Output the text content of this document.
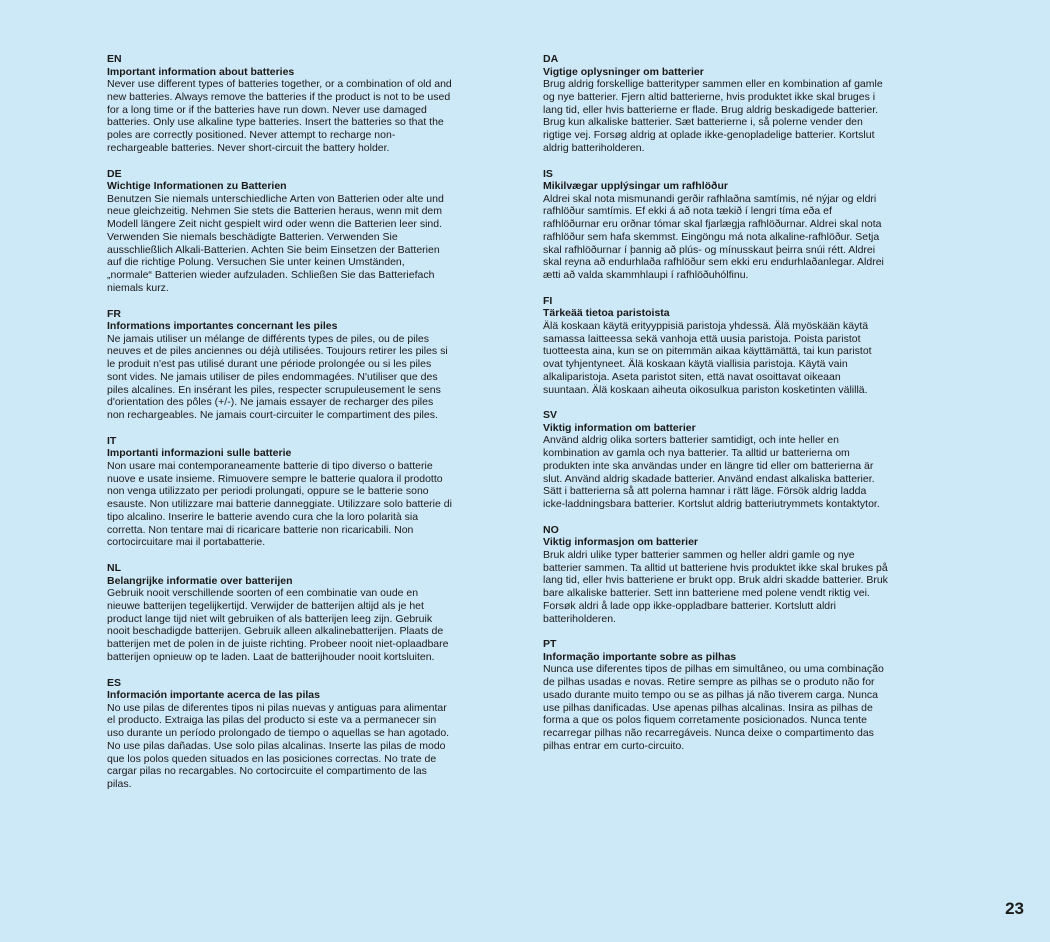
EN
Important information about batteries
Never use different types of batteries together, or a combination of old and new batteries. Always remove the batteries if the product is not to be used for a long time or if the batteries have run down. Never use damaged batteries. Only use alkaline type batteries. Insert the batteries so that the poles are correctly positioned. Never attempt to recharge non-rechargeable batteries. Never short-circuit the battery holder.
DE
Wichtige Informationen zu Batterien
Benutzen Sie niemals unterschiedliche Arten von Batterien oder alte und neue gleichzeitig. Nehmen Sie stets die Batterien heraus, wenn mit dem Modell längere Zeit nicht gespielt wird oder wenn die Batterien leer sind. Verwenden Sie niemals beschädigte Batterien. Verwenden Sie ausschließlich Alkali-Batterien. Achten Sie beim Einsetzen der Batterien auf die richtige Polung. Versuchen Sie unter keinen Umständen, „normale“ Batterien wieder aufzuladen. Schließen Sie das Batteriefach niemals kurz.
FR
Informations importantes concernant les piles
Ne jamais utiliser un mélange de différents types de piles, ou de piles neuves et de piles anciennes ou déjà utilisées. Toujours retirer les piles si le produit n'est pas utilisé durant une période prolongée ou si les piles sont vides. Ne jamais utiliser de piles endommagées. N'utiliser que des piles alcalines. En insérant les piles, respecter scrupuleusement le sens d'orientation des pôles (+/-). Ne jamais essayer de recharger des piles non rechargeables. Ne jamais court-circuiter le compartiment des piles.
IT
Importanti informazioni sulle batterie
Non usare mai contemporaneamente batterie di tipo diverso o batterie nuove e usate insieme. Rimuovere sempre le batterie qualora il prodotto non venga utilizzato per periodi prolungati, oppure se le batterie sono esauste. Non utilizzare mai batterie danneggiate. Utilizzare solo batterie di tipo alcalino. Inserire le batterie avendo cura che la loro polarità sia corretta. Non tentare mai di ricaricare batterie non ricaricabili. Non cortocircuitare mai il portabatterie.
NL
Belangrijke informatie over batterijen
Gebruik nooit verschillende soorten of een combinatie van oude en nieuwe batterijen tegelijkertijd. Verwijder de batterijen altijd als je het product lange tijd niet wilt gebruiken of als batterijen leeg zijn. Gebruik nooit beschadigde batterijen. Gebruik alleen alkalinebatterijen. Plaats de batterijen met de polen in de juiste richting. Probeer nooit niet-oplaadbare batterijen opnieuw op te laden. Laat de batterijhouder nooit kortsluiten.
ES
Información importante acerca de las pilas
No use pilas de diferentes tipos ni pilas nuevas y antiguas para alimentar el producto. Extraiga las pilas del producto si este va a permanecer sin uso durante un período prolongado de tiempo o aquellas se han agotado. No use pilas dañadas. Use solo pilas alcalinas. Inserte las pilas de modo que los polos queden situados en las posiciones correctas. No trate de cargar pilas no recargables. No cortocircuite el compartimento de las pilas.
DA
Vigtige oplysninger om batterier
Brug aldrig forskellige batterityper sammen eller en kombination af gamle og nye batterier. Fjern altid batterierne, hvis produktet ikke skal bruges i lang tid, eller hvis batterierne er flade. Brug aldrig beskadigede batterier. Brug kun alkaliske batterier. Sæt batterierne i, så polerne vender den rigtige vej. Forsøg aldrig at oplade ikke-genopladelige batterier. Kortslut aldrig batteriholderen.
IS
Mikilvægar upplýsingar um rafhlöður
Aldrei skal nota mismunandi gerðir rafhlaðna samtímis, né nýjar og eldri rafhlöður samtímis. Ef ekki á að nota tækið í lengri tíma eða ef rafhlöðurnar eru orðnar tómar skal fjarlægja rafhlöðurnar. Aldrei skal nota rafhlöður sem hafa skemmst. Eingöngu má nota alkaline-rafhlöður. Setja skal rafhlöðurnar í þannig að plús- og mínusskaut þeirra snúi rétt. Aldrei skal reyna að endurhlaða rafhlöður sem ekki eru endurhlaðanlegar. Aldrei ætti að valda skammhlaupi í rafhlöðuhólfinu.
FI
Tärkeää tietoa paristoista
Älä koskaan käytä erityyppisiä paristoja yhdessä. Älä myöskään käytä samassa laitteessa sekä vanhoja että uusia paristoja. Poista paristot tuotteesta aina, kun se on pitemmän aikaa käyttämättä, tai kun paristot ovat tyhjentyneet. Älä koskaan käytä viallisia paristoja. Käytä vain alkaliparistoja. Aseta paristot siten, että navat osoittavat oikeaan suuntaan. Älä koskaan aiheuta oikosulkua pariston kosketinten välillä.
SV
Viktig information om batterier
Använd aldrig olika sorters batterier samtidigt, och inte heller en kombination av gamla och nya batterier. Ta alltid ur batterierna om produkten inte ska användas under en längre tid eller om batterierna är slut. Använd aldrig skadade batterier. Använd endast alkaliska batterier. Sätt i batterierna så att polerna hamnar i rätt läge. Försök aldrig ladda icke-laddningsbara batterier. Kortslut aldrig batteriutrymmets kontaktytor.
NO
Viktig informasjon om batterier
Bruk aldri ulike typer batterier sammen og heller aldri gamle og nye batterier sammen. Ta alltid ut batteriene hvis produktet ikke skal brukes på lang tid, eller hvis batteriene er brukt opp. Bruk aldri skadde batterier. Bruk bare alkaliske batterier. Sett inn batteriene med polene vendt riktig vei. Forsøk aldri å lade opp ikke-oppladbare batterier. Kortslutt aldri batteriholderen.
PT
Informação importante sobre as pilhas
Nunca use diferentes tipos de pilhas em simultâneo, ou uma combinação de pilhas usadas e novas. Retire sempre as pilhas se o produto não for usado durante muito tempo ou se as pilhas já não tiverem carga. Nunca use pilhas danificadas. Use apenas pilhas alcalinas. Insira as pilhas de forma a que os polos fiquem corretamente posicionados. Nunca tente recarregar pilhas não recarregáveis. Nunca deixe o compartimento das pilhas entrar em curto-circuito.
23
